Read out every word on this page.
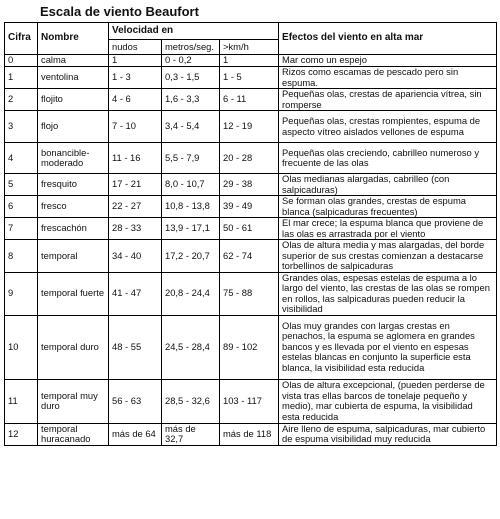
Escala de viento Beaufort
Cifra	Nombre	Velocidad en			Efectos del viento en alta mar
		nudos	metros/seg.	>km/h	
0	calma	1	0 - 0,2	1	Mar como un espejo
1	ventolina	1 - 3	0,3 - 1,5	1 - 5	Rizos como escamas de pescado pero sin espuma.
2	flojito	4 - 6	1,6 - 3,3	6 - 11	Pequeñas olas, crestas de apariencia vítrea, sin romperse
3	flojo	7 - 10	3,4 - 5,4	12 - 19	Pequeñas olas, crestas rompientes, espuma de aspecto vítreo aislados vellones de espuma
4	bonancible-moderado	11 - 16	5,5 - 7,9	20 - 28	Pequeñas olas creciendo, cabrilleo numeroso y frecuente de las olas
5	fresquito	17 - 21	8,0 - 10,7	29 - 38	Olas medianas alargadas, cabrilleo (con salpicaduras)
6	fresco	22 - 27	10,8 - 13,8	39 - 49	Se forman olas grandes, crestas de espuma blanca (salpicaduras frecuentes)
7	frescachón	28 - 33	13,9 - 17,1	50 - 61	El mar crece; la espuma blanca que proviene de las olas es arrastrada por el viento
8	temporal	34 - 40	17,2 - 20,7	62 - 74	Olas de altura media y mas alargadas, del borde superior de sus crestas comienzan a destacarse torbellinos de salpicaduras
9	temporal fuerte	41 - 47	20,8 - 24,4	75 - 88	Grandes olas, espesas estelas de espuma a lo largo del viento, las crestas de las olas se rompen en rollos, las salpicaduras pueden reducir la visibilidad
10	temporal duro	48 - 55	24,5 - 28,4	89 - 102	Olas muy grandes con largas crestas en penachos, la espuma se aglomera en grandes bancos y es llevada por el viento en espesas estelas blancas en conjunto la superficie esta blanca, la visibilidad esta reducida
11	temporal muy duro	56 - 63	28,5 - 32,6	103 - 117	Olas de altura excepcional, (pueden perderse de vista tras ellas barcos de tonelaje pequeño y medio), mar cubierta de espuma, la visibilidad esta reducida
12	temporal huracanado	más de 64	más de 32,7	más de 118	Aire lleno de espuma, salpicaduras, mar cubierto de espuma visibilidad muy reducida
